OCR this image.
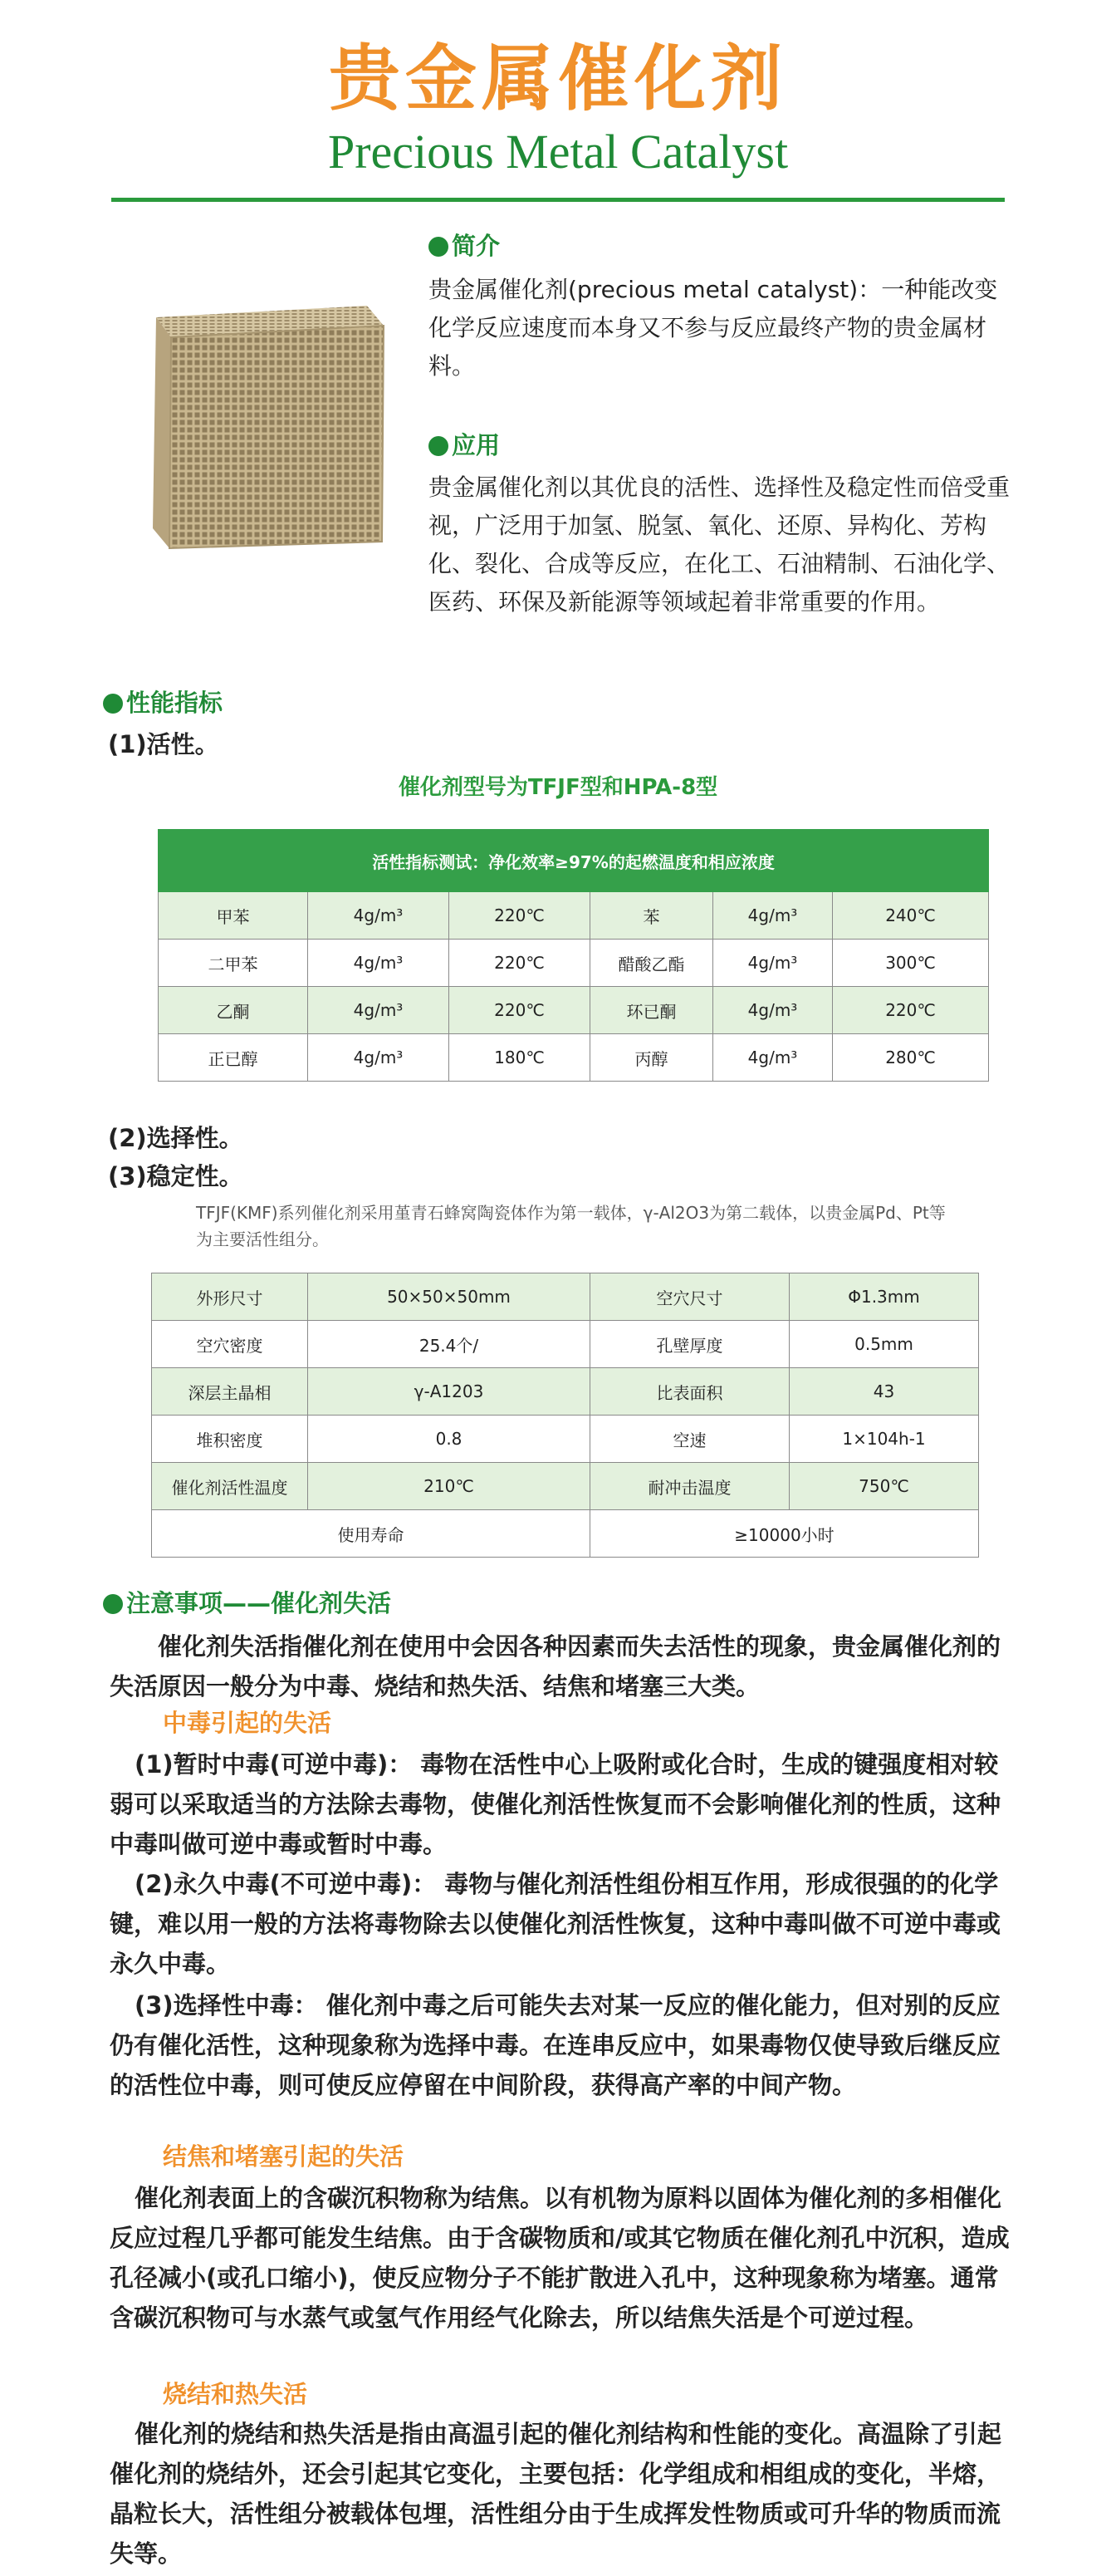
贵金属催化剂
Precious Metal Catalyst
简介
贵金属催化剂(precious metal catalyst)：一种能改变化学反应速度而本身又不参与反应最终产物的贵金属材料。
应用
贵金属催化剂以其优良的活性、选择性及稳定性而倍受重视，广泛用于加氢、脱氢、氧化、还原、异构化、芳构化、裂化、合成等反应，在化工、石油精制、石油化学、医药、环保及新能源等领域起着非常重要的作用。
性能指标
(1)活性。
催化剂型号为TFJF型和HPA-8型
活性指标测试：净化效率≥97%的起燃温度和相应浓度					
甲苯	4g/m³	220℃	苯	4g/m³	240℃
二甲苯	4g/m³	220℃	醋酸乙酯	4g/m³	300℃
乙酮	4g/m³	220℃	环已酮	4g/m³	220℃
正已醇	4g/m³	180℃	丙醇	4g/m³	280℃
(2)选择性。
(3)稳定性。
TFJF(KMF)系列催化剂采用堇青石蜂窝陶瓷体作为第一载体，γ-Al2O3为第二载体，以贵金属Pd、Pt等为主要活性组分。
外形尺寸	50×50×50mm	空穴尺寸	Φ1.3mm
空穴密度	25.4个/	孔壁厚度	0.5mm
深层主晶相	γ-A1203	比表面积	43
堆积密度	0.8	空速	1×104h-1
催化剂活性温度	210℃	耐冲击温度	750℃
使用寿命		≥10000小时	
注意事项——催化剂失活
催化剂失活指催化剂在使用中会因各种因素而失去活性的现象，贵金属催化剂的失活原因一般分为中毒、烧结和热失活、结焦和堵塞三大类。
中毒引起的失活
(1)暂时中毒(可逆中毒)： 毒物在活性中心上吸附或化合时，生成的键强度相对较弱可以采取适当的方法除去毒物，使催化剂活性恢复而不会影响催化剂的性质，这种中毒叫做可逆中毒或暂时中毒。
(2)永久中毒(不可逆中毒)： 毒物与催化剂活性组份相互作用，形成很强的的化学键，难以用一般的方法将毒物除去以使催化剂活性恢复，这种中毒叫做不可逆中毒或永久中毒。
(3)选择性中毒： 催化剂中毒之后可能失去对某一反应的催化能力，但对别的反应仍有催化活性，这种现象称为选择中毒。在连串反应中，如果毒物仅使导致后继反应的活性位中毒，则可使反应停留在中间阶段，获得高产率的中间产物。
结焦和堵塞引起的失活
催化剂表面上的含碳沉积物称为结焦。以有机物为原料以固体为催化剂的多相催化反应过程几乎都可能发生结焦。由于含碳物质和/或其它物质在催化剂孔中沉积，造成孔径减小(或孔口缩小)，使反应物分子不能扩散进入孔中，这种现象称为堵塞。通常含碳沉积物可与水蒸气或氢气作用经气化除去，所以结焦失活是个可逆过程。
烧结和热失活
催化剂的烧结和热失活是指由高温引起的催化剂结构和性能的变化。高温除了引起催化剂的烧结外，还会引起其它变化，主要包括：化学组成和相组成的变化，半熔，晶粒长大，活性组分被载体包埋，活性组分由于生成挥发性物质或可升华的物质而流失等。
